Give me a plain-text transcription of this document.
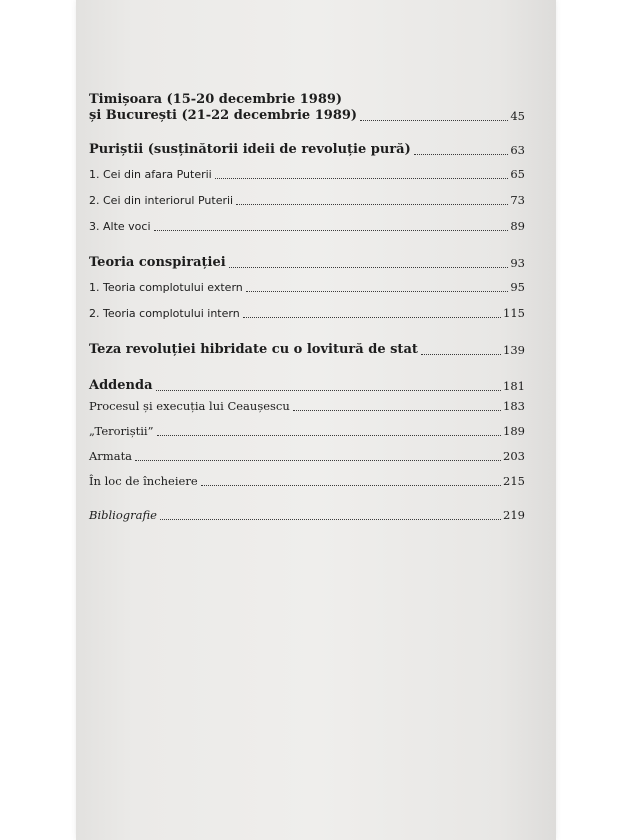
Timișoara (15-20 decembrie 1989)
și București (21-22 decembrie 1989)	45
Puriștii (susținătorii ideii de revoluție pură)	63
1. Cei din afara Puterii	65
2. Cei din interiorul Puterii	73
3. Alte voci	89
Teoria conspirației	93
1. Teoria complotului extern	95
2. Teoria complotului intern	115
Teza revoluției hibridate cu o lovitură de stat	139
Addenda	181
Procesul și execuția lui Ceaușescu	183
„Teroriștii”	189
Armata	203
În loc de încheiere	215
Bibliografie	219
